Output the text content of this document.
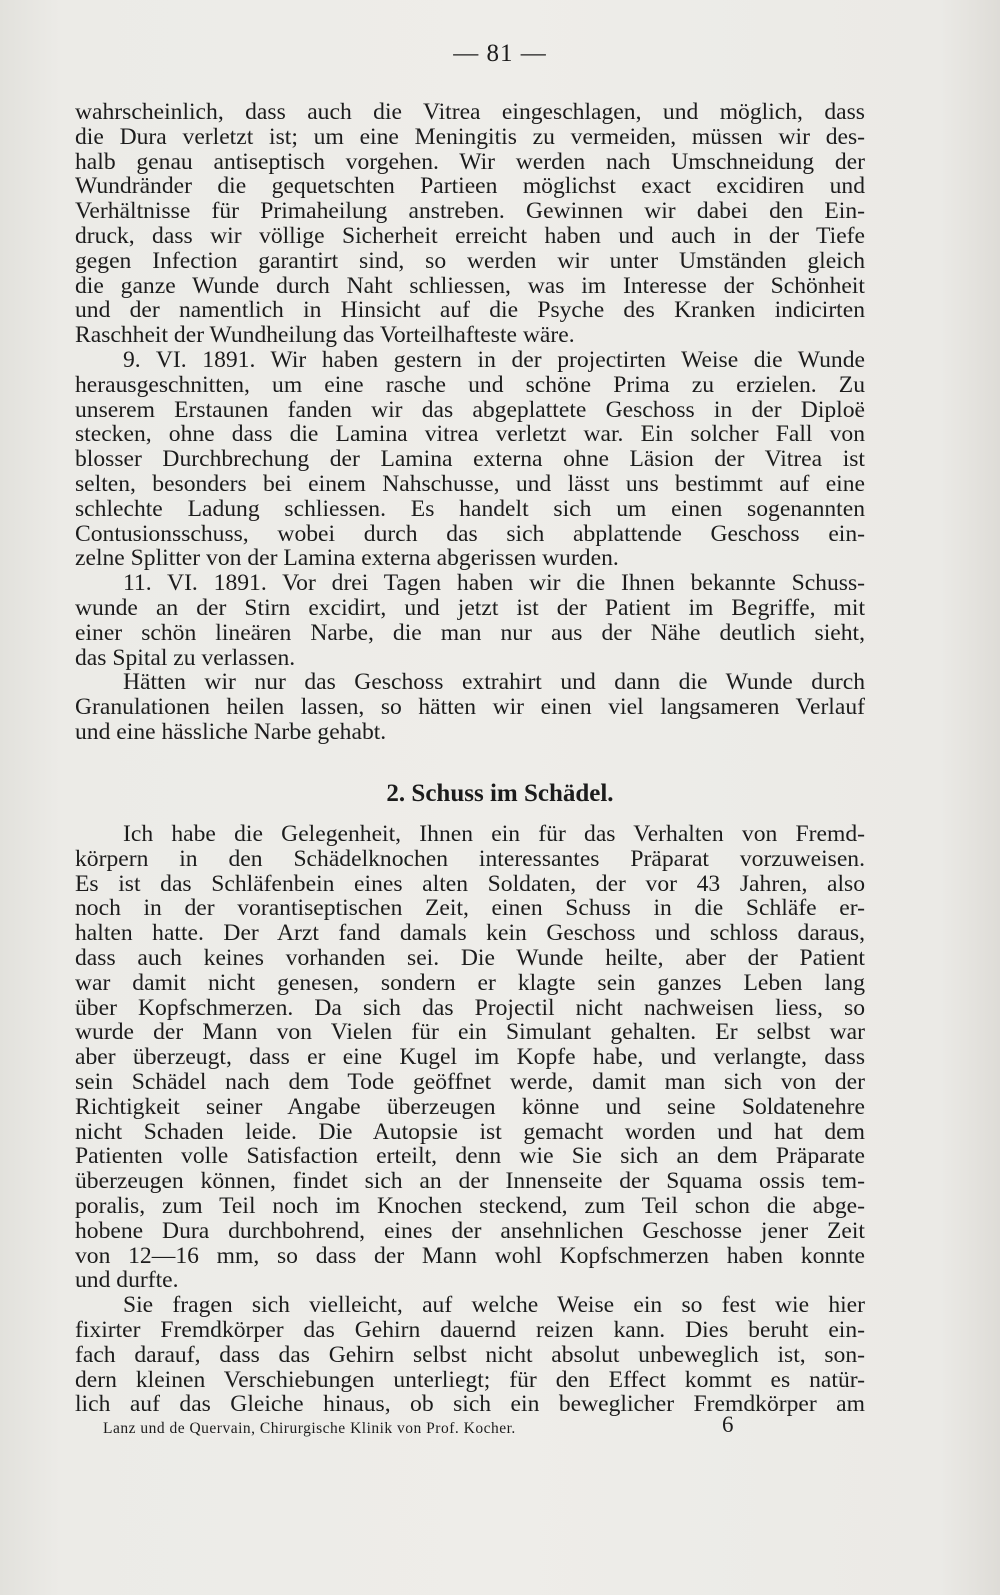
— 81 —
wahrscheinlich, dass auch die Vitrea eingeschlagen, und möglich, dass
die Dura verletzt ist; um eine Meningitis zu vermeiden, müssen wir des-
halb genau antiseptisch vorgehen. Wir werden nach Umschneidung der
Wundränder die gequetschten Partieen möglichst exact excidiren und
Verhältnisse für Primaheilung anstreben. Gewinnen wir dabei den Ein-
druck, dass wir völlige Sicherheit erreicht haben und auch in der Tiefe
gegen Infection garantirt sind, so werden wir unter Umständen gleich
die ganze Wunde durch Naht schliessen, was im Interesse der Schönheit
und der namentlich in Hinsicht auf die Psyche des Kranken indicirten
Raschheit der Wundheilung das Vorteilhafteste wäre.
9. VI. 1891. Wir haben gestern in der projectirten Weise die Wunde
herausgeschnitten, um eine rasche und schöne Prima zu erzielen. Zu
unserem Erstaunen fanden wir das abgeplattete Geschoss in der Diploë
stecken, ohne dass die Lamina vitrea verletzt war. Ein solcher Fall von
blosser Durchbrechung der Lamina externa ohne Läsion der Vitrea ist
selten, besonders bei einem Nahschusse, und lässt uns bestimmt auf eine
schlechte Ladung schliessen. Es handelt sich um einen sogenannten
Contusionsschuss, wobei durch das sich abplattende Geschoss ein-
zelne Splitter von der Lamina externa abgerissen wurden.
11. VI. 1891. Vor drei Tagen haben wir die Ihnen bekannte Schuss-
wunde an der Stirn excidirt, und jetzt ist der Patient im Begriffe, mit
einer schön lineären Narbe, die man nur aus der Nähe deutlich sieht,
das Spital zu verlassen.
Hätten wir nur das Geschoss extrahirt und dann die Wunde durch
Granulationen heilen lassen, so hätten wir einen viel langsameren Verlauf
und eine hässliche Narbe gehabt.
2. Schuss im Schädel.
Ich habe die Gelegenheit, Ihnen ein für das Verhalten von Fremd-
körpern in den Schädelknochen interessantes Präparat vorzuweisen.
Es ist das Schläfenbein eines alten Soldaten, der vor 43 Jahren, also
noch in der vorantiseptischen Zeit, einen Schuss in die Schläfe er-
halten hatte. Der Arzt fand damals kein Geschoss und schloss daraus,
dass auch keines vorhanden sei. Die Wunde heilte, aber der Patient
war damit nicht genesen, sondern er klagte sein ganzes Leben lang
über Kopfschmerzen. Da sich das Projectil nicht nachweisen liess, so
wurde der Mann von Vielen für ein Simulant gehalten. Er selbst war
aber überzeugt, dass er eine Kugel im Kopfe habe, und verlangte, dass
sein Schädel nach dem Tode geöffnet werde, damit man sich von der
Richtigkeit seiner Angabe überzeugen könne und seine Soldatenehre
nicht Schaden leide. Die Autopsie ist gemacht worden und hat dem
Patienten volle Satisfaction erteilt, denn wie Sie sich an dem Präparate
überzeugen können, findet sich an der Innenseite der Squama ossis tem-
poralis, zum Teil noch im Knochen steckend, zum Teil schon die abge-
hobene Dura durchbohrend, eines der ansehnlichen Geschosse jener Zeit
von 12—16 mm, so dass der Mann wohl Kopfschmerzen haben konnte
und durfte.
Sie fragen sich vielleicht, auf welche Weise ein so fest wie hier
fixirter Fremdkörper das Gehirn dauernd reizen kann. Dies beruht ein-
fach darauf, dass das Gehirn selbst nicht absolut unbeweglich ist, son-
dern kleinen Verschiebungen unterliegt; für den Effect kommt es natür-
lich auf das Gleiche hinaus, ob sich ein beweglicher Fremdkörper am
Lanz und de Quervain, Chirurgische Klinik von Prof. Kocher.	6
